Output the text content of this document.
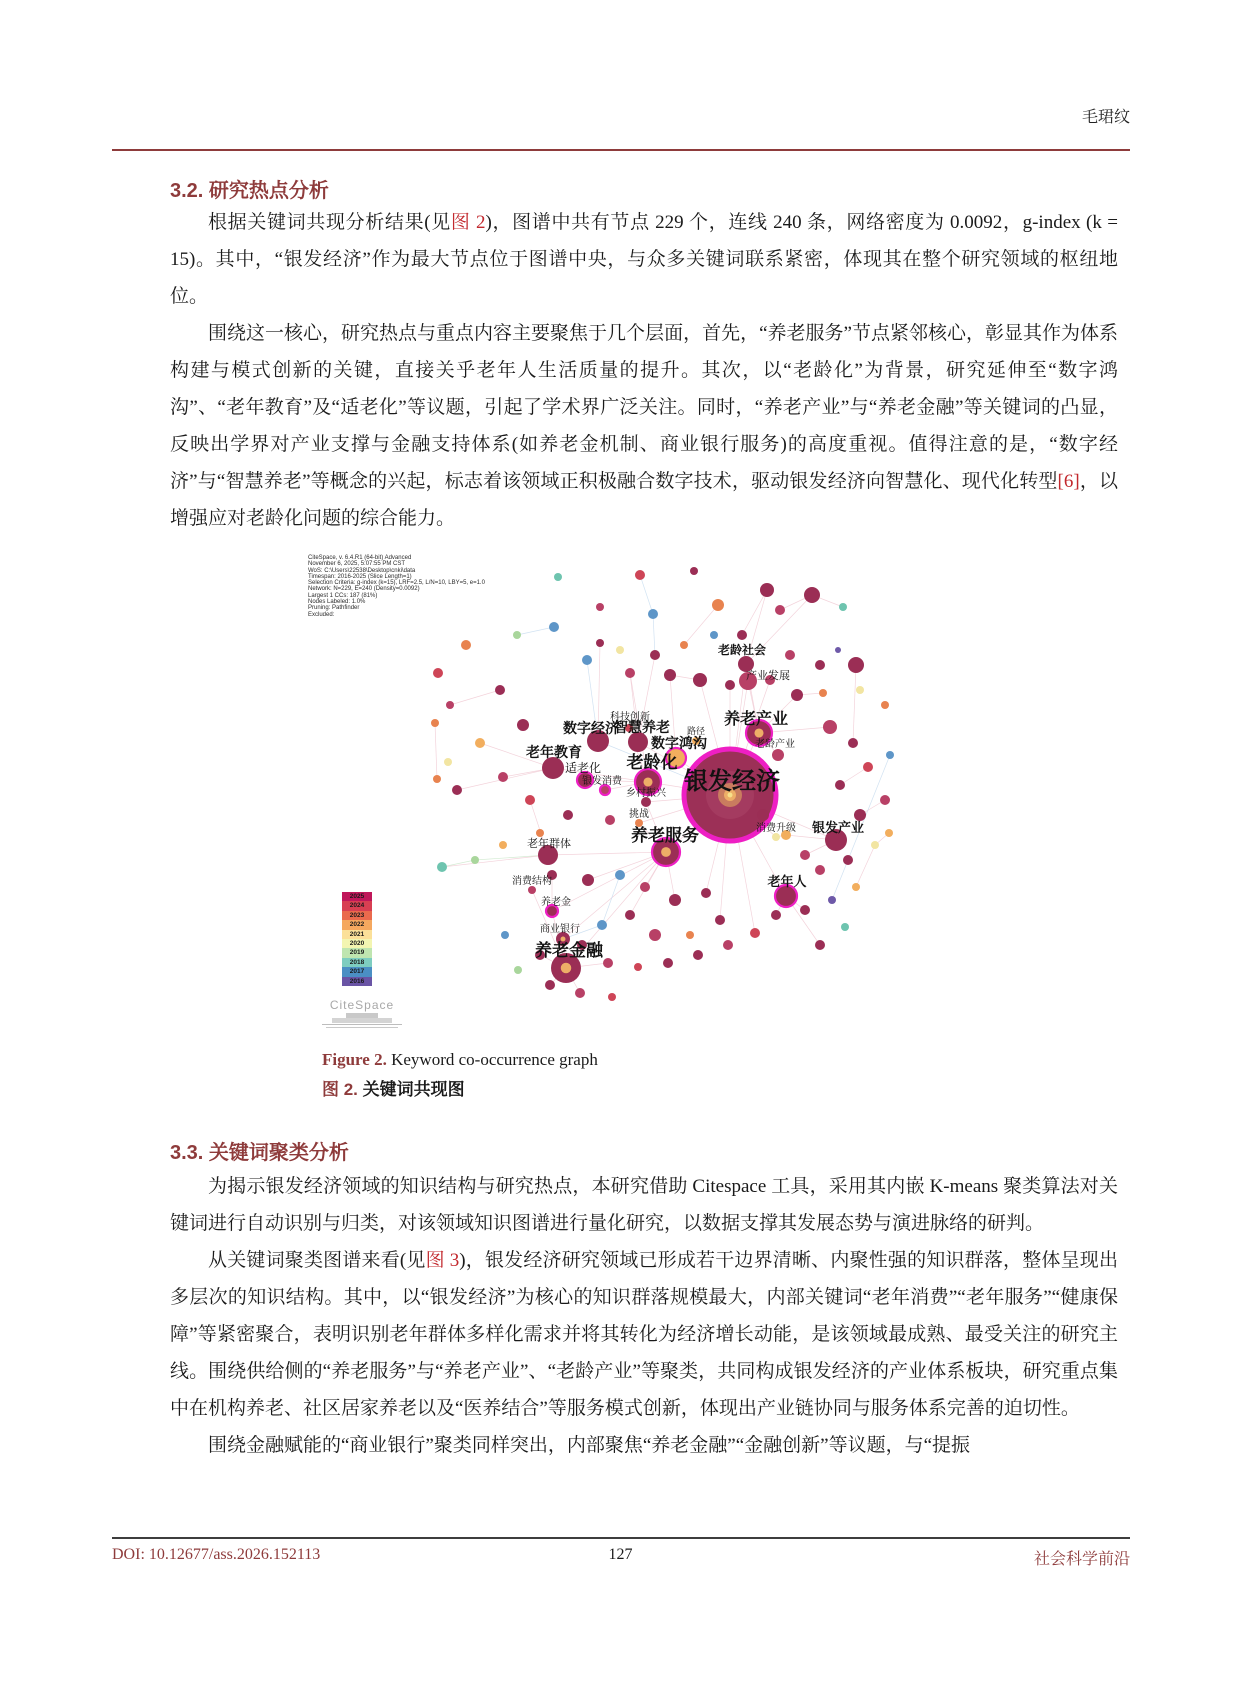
毛珺纹
3.2. 研究热点分析

根据关键词共现分析结果(见图 2)，图谱中共有节点 229 个，连线 240 条，网络密度为 0.0092，g-index (k = 15)。其中，“银发经济”作为最大节点位于图谱中央，与众多关键词联系紧密，体现其在整个研究领域的枢纽地位。

围绕这一核心，研究热点与重点内容主要聚焦于几个层面，首先，“养老服务”节点紧邻核心，彰显其作为体系构建与模式创新的关键，直接关乎老年人生活质量的提升。其次，以“老龄化”为背景，研究延伸至“数字鸿沟”、“老年教育”及“适老化”等议题，引起了学术界广泛关注。同时，“养老产业”与“养老金融”等关键词的凸显，反映出学界对产业支撑与金融支持体系(如养老金机制、商业银行服务)的高度重视。值得注意的是，“数字经济”与“智慧养老”等概念的兴起，标志着该领域正积极融合数字技术，驱动银发经济向智慧化、现代化转型[6]，以增强应对老龄化问题的综合能力。

老龄社会
产业发展
养老产业
老龄产业
科技创新
数字经济
智慧养老 路径
数字鸿沟
老年教育
适老化 老龄化
银发消费
乡村振兴 银发经济
挑战
养老服务	消费升级 银发产业
老年群体
消费结构
养老金
商业银行
养老金融
老年人
CiteSpace, v. 6.4.R1 (64-bit) Advanced
November 6, 2025, 5:07:55 PM CST
WoS: C:\Users\22538\Desktop\cnki\data
Timespan: 2016-2025 (Slice Length=1)
Selection Criteria: g-index (k=15), LRF=2.5, L/N=10, LBY=5, e=1.0
Network: N=229, E=240 (Density=0.0092)
Largest 1 CCs: 187 (81%)
Nodes Labeled: 1.0%
Pruning: Pathfinder
Excluded:
2025
2024
2023
2022
2021
2020
2019
2018
2017
2016
CiteSpace
Figure 2. Keyword co-occurrence graph
图 2. 关键词共现图
3.3. 关键词聚类分析

为揭示银发经济领域的知识结构与研究热点，本研究借助 Citespace 工具，采用其内嵌 K-means 聚类算法对关键词进行自动识别与归类，对该领域知识图谱进行量化研究，以数据支撑其发展态势与演进脉络的研判。

从关键词聚类图谱来看(见图 3)，银发经济研究领域已形成若干边界清晰、内聚性强的知识群落，整体呈现出多层次的知识结构。其中，以“银发经济”为核心的知识群落规模最大，内部关键词“老年消费”“老年服务”“健康保障”等紧密聚合，表明识别老年群体多样化需求并将其转化为经济增长动能，是该领域最成熟、最受关注的研究主线。围绕供给侧的“养老服务”与“养老产业”、“老龄产业”等聚类，共同构成银发经济的产业体系板块，研究重点集中在机构养老、社区居家养老以及“医养结合”等服务模式创新，体现出产业链协同与服务体系完善的迫切性。

围绕金融赋能的“商业银行”聚类同样突出，内部聚焦“养老金融”“金融创新”等议题，与“提振

127
DOI: 10.12677/ass.2026.152113	社会科学前沿
